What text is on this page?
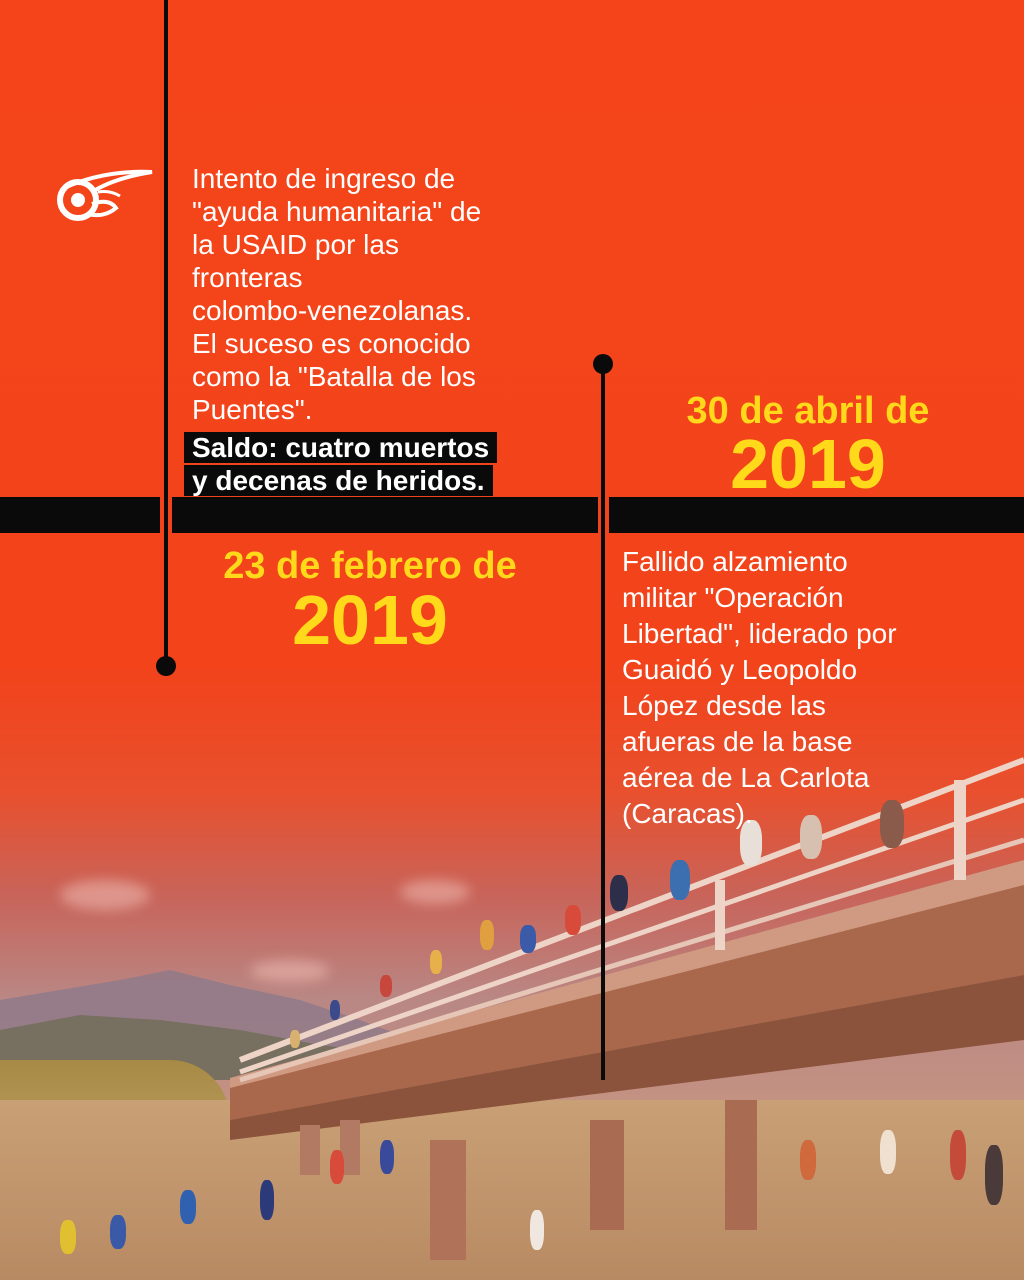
Intento de ingreso de
"ayuda humanitaria" de
la USAID por las
fronteras
colombo-venezolanas.
El suceso es conocido
como la "Batalla de los
Puentes".
Saldo: cuatro muertos
y decenas de heridos.
23 de febrero de
2019
30 de abril de
2019
Fallido alzamiento
militar "Operación
Libertad", liderado por
Guaidó y Leopoldo
López desde las
afueras de la base
aérea de La Carlota
(Caracas).
